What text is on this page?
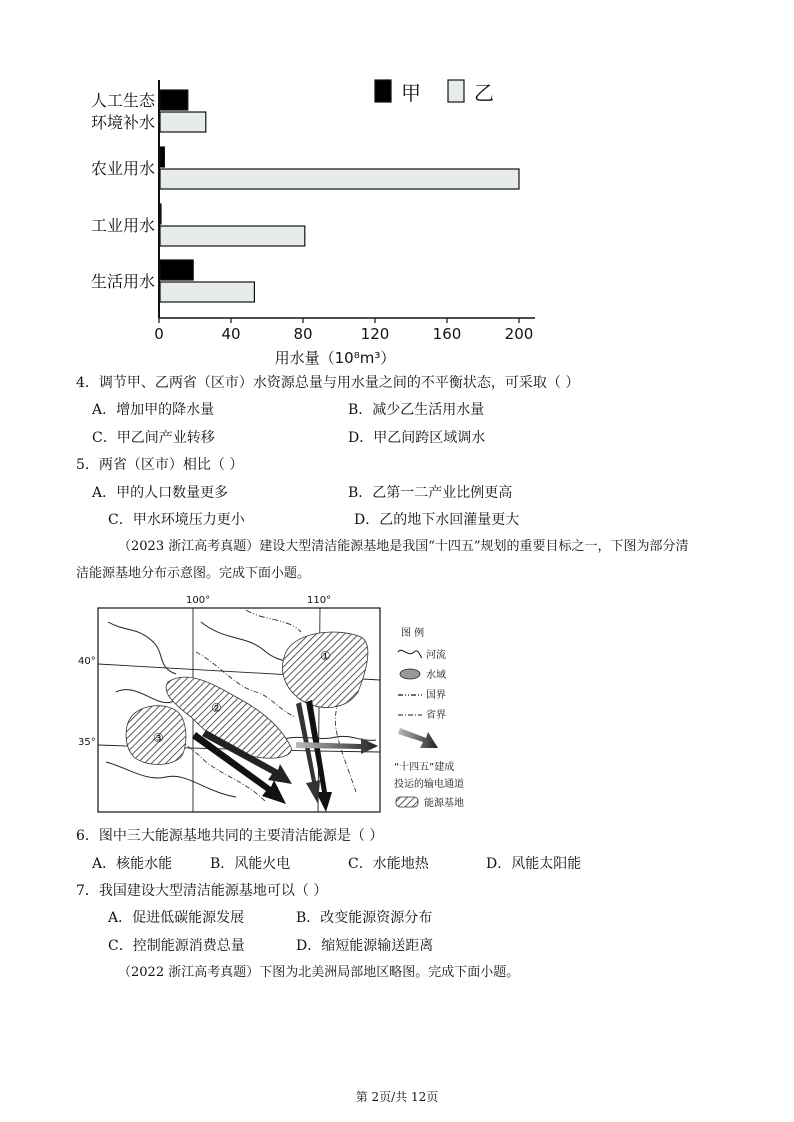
人工生态
环境补水
农业用水
工业用水
生活用水
0	40	80	120	160	200
用水量（10⁸m³）
甲	乙
4．调节甲、乙两省（区市）水资源总量与用水量之间的不平衡状态，可采取（ ）
A．增加甲的降水量	B．减少乙生活用水量
C．甲乙间产业转移	D．甲乙间跨区域调水
5．两省（区市）相比（ ）
A．甲的人口数量更多	B．乙第一二产业比例更高
C．甲水环境压力更小	D．乙的地下水回灌量更大
（2023 浙江高考真题）建设大型清洁能源基地是我国“十四五”规划的重要目标之一，下图为部分清
洁能源基地分布示意图。完成下面小题。
100°	110°
①
②
③
图 例
河流
水域
国界
省界
“十四五”建成
投运的输电通道
能源基地
40°
35°
6．图中三大能源基地共同的主要清洁能源是（ ）
A．核能水能	B．风能火电	C．水能地热	D．风能太阳能
7．我国建设大型清洁能源基地可以（ ）
A．促进低碳能源发展	B．改变能源资源分布
C．控制能源消费总量	D．缩短能源输送距离
（2022 浙江高考真题）下图为北美洲局部地区略图。完成下面小题。
第 2页/共 12页
